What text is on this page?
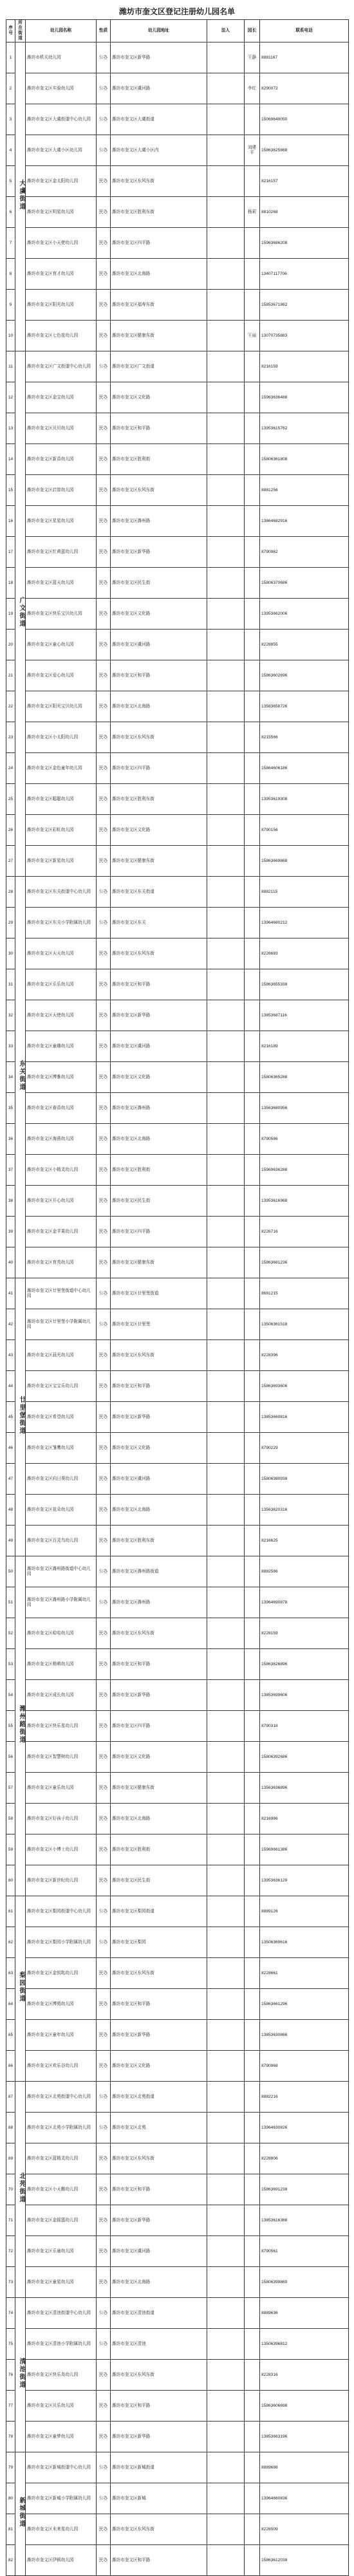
潍坊市奎文区登记注册幼儿园名单
序号	所在街道	幼儿园名称	性质	幼儿园地址	法人	园长	联系电话
1	大虞街道	潍坊市机关幼儿园	公办	潍坊市奎文区新华路		王静	8881167
2		潍坊市奎文区实验幼儿园	公办	潍坊市奎文区虞河路		李红	8290072
3		潍坊市奎文区大虞街道中心幼儿园	公办	潍坊市奎文区大虞街道			15069649050
4		潍坊市奎文区大虞小区幼儿园	公办	潍坊市奎文区大虞小区内		刘建平	15863625868
5		潍坊市奎文区金太阳幼儿园	民办	潍坊市奎文区东风东街			8216157
6		潍坊市奎文区明星幼儿园	民办	潍坊市奎文区胜利东街		杨莉	8810268
7		潍坊市奎文区小天使幼儿园	民办	潍坊市奎文区四平路			15963686208
8		潍坊市奎文区育才幼儿园	民办	潍坊市奎文区北海路			13407117706
9		潍坊市奎文区阳光幼儿园	民办	潍坊市奎文区福寿东街			15853671862
10		潍坊市奎文区七色花幼儿园	民办	潍坊市奎文区健康东街		王丽	13070735883
11	广文街道	潍坊市奎文区广文街道中心幼儿园	公办	潍坊市奎文区广文街道			8216159
12		潍坊市奎文区金宝幼儿园	民办	潍坊市奎文区文化路			15963636488
13		潍坊市奎文区贝贝幼儿园	民办	潍坊市奎文区和平路			13953615762
14		潍坊市奎文区新苗幼儿园	民办	潍坊市奎文区胜利街			15806361808
15		潍坊市奎文区启智幼儿园	民办	潍坊市奎文区东风东街			8881256
16		潍坊市奎文区星星幼儿园	民办	潍坊市奎文区潍州路			13864682916
17		潍坊市奎文区红黄蓝幼儿园	民办	潍坊市奎文区新华路			8790962
18		潍坊市奎文区蓝天幼儿园	民办	潍坊市奎文区民生街			15806370686
19		潍坊市奎文区快乐宝贝幼儿园	民办	潍坊市奎文区文化路			13953662006
20		潍坊市奎文区童心幼儿园	民办	潍坊市奎文区虞河路			8228855
21		潍坊市奎文区爱心幼儿园	民办	潍坊市奎文区和平路			15863602696
22		潍坊市奎文区阳光宝贝幼儿园	民办	潍坊市奎文区北海路			13583658726
23		潍坊市奎文区小太阳幼儿园	民办	潍坊市奎文区东风东街			8215566
24		潍坊市奎文区金色童年幼儿园	民办	潍坊市奎文区四平路			15864606186
25		潍坊市奎文区聪聪幼儿园	民办	潍坊市奎文区胜利东街			13953619308
26		潍坊市奎文区彩虹幼儿园	民办	潍坊市奎文区文化路			8790156
27		潍坊市奎文区新星幼儿园	民办	潍坊市奎文区健康东街			15863669868
28	东关街道	潍坊市奎文区东关街道中心幼儿园	公办	潍坊市奎文区东关街道			8882115
29		潍坊市奎文区东关小学附属幼儿园	公办	潍坊市奎文区东关			13964680212
30		潍坊市奎文区天天幼儿园	民办	潍坊市奎文区东风东街			8226683
31		潍坊市奎文区乐乐幼儿园	民办	潍坊市奎文区和平路			15863655338
32		潍坊市奎文区天使幼儿园	民办	潍坊市奎文区新华路			13853687116
33		潍坊市奎文区童趣幼儿园	民办	潍坊市奎文区虞河路			8216189
34		潍坊市奎文区博雅幼儿园	民办	潍坊市奎文区文化路			15806365288
35		潍坊市奎文区春苗幼儿园	民办	潍坊市奎文区潍州路			13563680956
36		潍坊市奎文区海燕幼儿园	民办	潍坊市奎文区北海路			8790586
37		潍坊市奎文区小精灵幼儿园	民办	潍坊市奎文区胜利街			15969636288
38		潍坊市奎文区开心幼儿园	民办	潍坊市奎文区民生街			13953616968
39		潍坊市奎文区金苹果幼儿园	民办	潍坊市奎文区四平路			8226716
40		潍坊市奎文区育英幼儿园	民办	潍坊市奎文区健康东街			15863681236
41	廿里堡街道	潍坊市奎文区廿里堡街道中心幼儿园	公办	潍坊市奎文区廿里堡街道			8681215
42		潍坊市奎文区廿里堡小学附属幼儿园	公办	潍坊市奎文区廿里堡			13506361518
43		潍坊市奎文区晨光幼儿园	民办	潍坊市奎文区东风东街			8228396
44		潍坊市奎文区宝宝乐幼儿园	民办	潍坊市奎文区和平路			15863693606
45		潍坊市奎文区希望幼儿园	民办	潍坊市奎文区新华路			13853660816
46		潍坊市奎文区雏鹰幼儿园	民办	潍坊市奎文区文化路			8790229
47		潍坊市奎文区向日葵幼儿园	民办	潍坊市奎文区虞河路			15806380938
48		潍坊市奎文区花朵幼儿园	民办	潍坊市奎文区北海路			13563620316
49		潍坊市奎文区百灵鸟幼儿园	民办	潍坊市奎文区胜利东街			8216625
50	潍州路街道	潍坊市奎文区潍州路街道中心幼儿园	公办	潍坊市奎文区潍州路街道			8882586
51		潍坊市奎文区潍州路小学附属幼儿园	公办	潍坊市奎文区潍州路			13964690878
52		潍坊市奎文区哈哈幼儿园	民办	潍坊市奎文区东风东街			8228159
53		潍坊市奎文区萌萌幼儿园	民办	潍坊市奎文区和平路			15863626896
54		潍坊市奎文区成长幼儿园	民办	潍坊市奎文区新华路			13853699606
55		潍坊市奎文区快乐星幼儿园	民办	潍坊市奎文区四平路			8790318
56		潍坊市奎文区智慧树幼儿园	民办	潍坊市奎文区文化路			15806392686
57		潍坊市奎文区童乐幼儿园	民办	潍坊市奎文区健康东街			13563636896
58		潍坊市奎文区好孩子幼儿园	民办	潍坊市奎文区北海路			8216986
59		潍坊市奎文区小博士幼儿园	民办	潍坊市奎文区胜利街			15969661386
60		潍坊市奎文区新世纪幼儿园	民办	潍坊市奎文区民生街			13953636129
61	梨园街道	潍坊市奎文区梨园街道中心幼儿园	公办	潍坊市奎文区梨园街道			8889126
62		潍坊市奎文区梨园小学附属幼儿园	公办	潍坊市奎文区梨园			13506369616
63		潍坊市奎文区金钥匙幼儿园	民办	潍坊市奎文区东风东街			8228661
64		潍坊市奎文区博苑幼儿园	民办	潍坊市奎文区和平路			15863661296
65		潍坊市奎文区童年幼儿园	民办	潍坊市奎文区新华路			13853630866
66		潍坊市奎文区欢乐谷幼儿园	民办	潍坊市奎文区文化路			8790968
67	北苑街道	潍坊市奎文区北苑街道中心幼儿园	公办	潍坊市奎文区北苑街道			8882216
68		潍坊市奎文区北苑小学附属幼儿园	公办	潍坊市奎文区北苑			13964630826
69		潍坊市奎文区蓝精灵幼儿园	民办	潍坊市奎文区东风东街			8228806
70		潍坊市奎文区小天鹅幼儿园	民办	潍坊市奎文区和平路			15863691238
71		潍坊市奎文区金摇篮幼儿园	民办	潍坊市奎文区新华路			13853616388
72		潍坊市奎文区乐童幼儿园	民办	潍坊市奎文区虞河路			8790561
73		潍坊市奎文区童星幼儿园	民办	潍坊市奎文区北海路			15806399869
74	清池街道	潍坊市奎文区清池街道中心幼儿园	公办	潍坊市奎文区清池街道			8889636
75		潍坊市奎文区清池小学附属幼儿园	公办	潍坊市奎文区清池			13506396812
76		潍坊市奎文区快乐岛幼儿园	民办	潍坊市奎文区东风东街			8228316
77		潍坊市奎文区贝乐幼儿园	民办	潍坊市奎文区和平路			15863606698
78		潍坊市奎文区童梦幼儿园	民办	潍坊市奎文区新华路			13853663196
79	新城街道	潍坊市奎文区新城街道中心幼儿园	公办	潍坊市奎文区新城街道			8889688
80		潍坊市奎文区新城小学附属幼儿园	公办	潍坊市奎文区新城			13964660836
81		潍坊市奎文区未来星幼儿园	民办	潍坊市奎文区东风东街			8228509
82		潍坊市奎文区伊顿幼儿园	民办	潍坊市奎文区和平路			15863612038
